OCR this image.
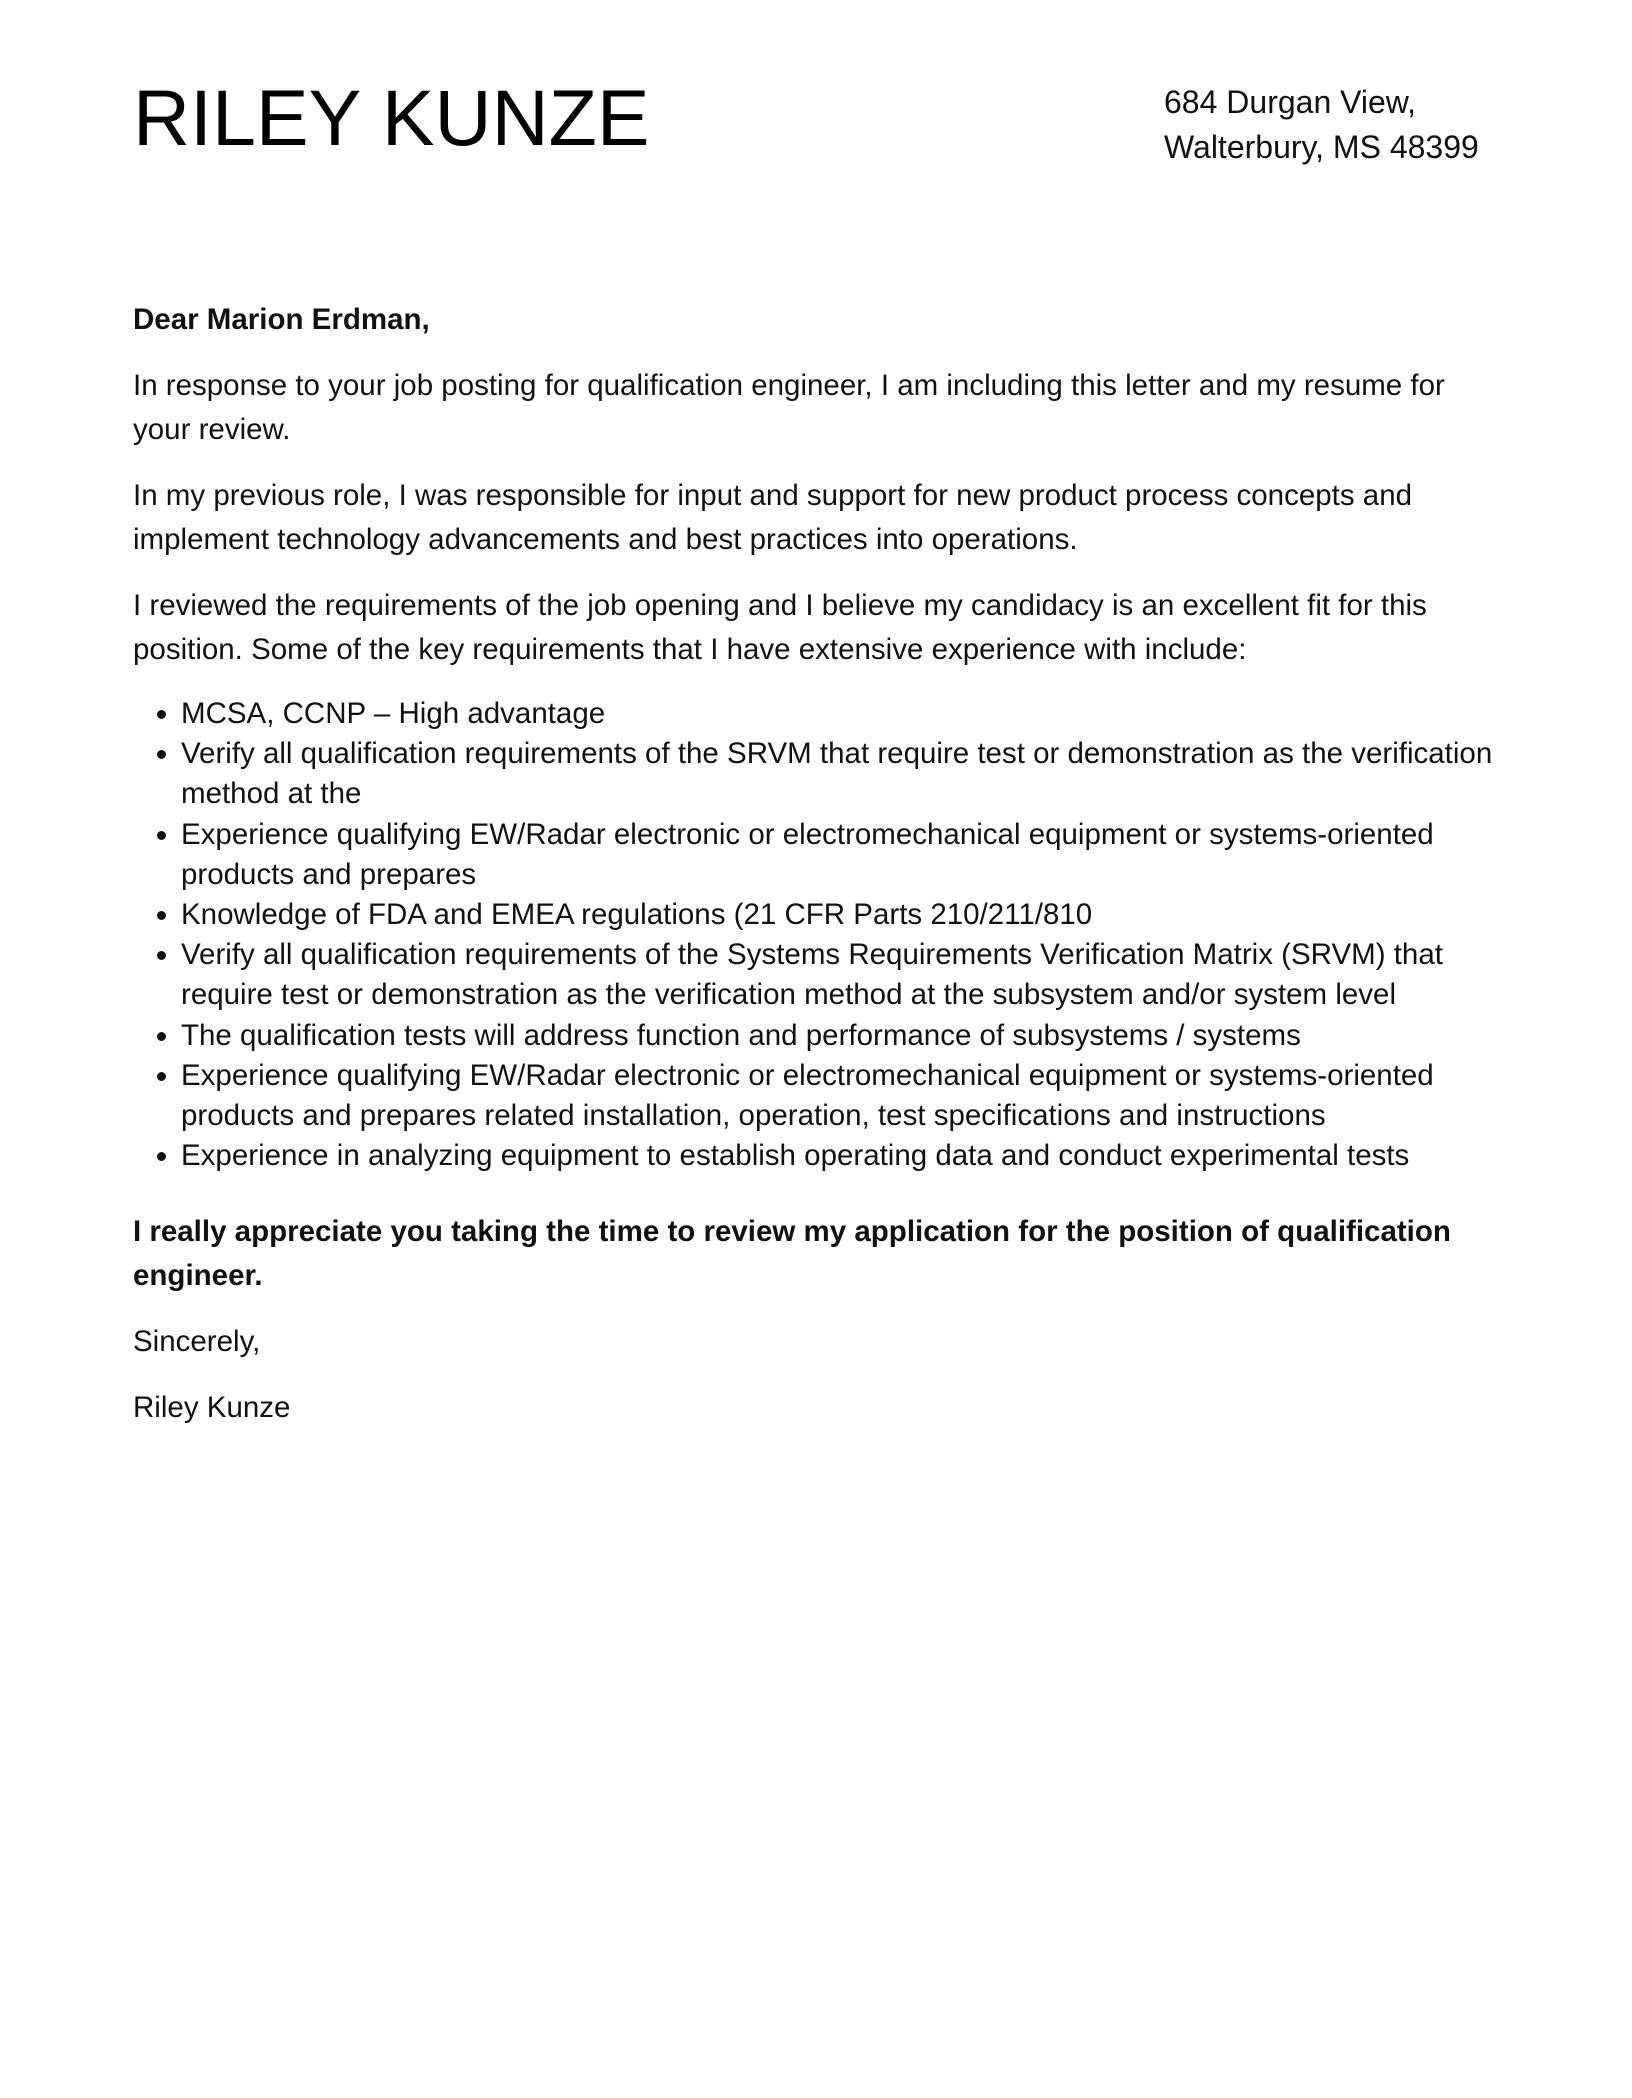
RILEY KUNZE	684 Durgan View,
Walterbury, MS 48399

Dear Marion Erdman,

In response to your job posting for qualification engineer, I am including this letter and my resume for your review.

In my previous role, I was responsible for input and support for new product process concepts and implement technology advancements and best practices into operations.

I reviewed the requirements of the job opening and I believe my candidacy is an excellent fit for this position. Some of the key requirements that I have extensive experience with include:

• MCSA, CCNP – High advantage
• Verify all qualification requirements of the SRVM that require test or demonstration as the verification method at the
• Experience qualifying EW/Radar electronic or electromechanical equipment or systems-oriented products and prepares
• Knowledge of FDA and EMEA regulations (21 CFR Parts 210/211/810
• Verify all qualification requirements of the Systems Requirements Verification Matrix (SRVM) that require test or demonstration as the verification method at the subsystem and/or system level
• The qualification tests will address function and performance of subsystems / systems
• Experience qualifying EW/Radar electronic or electromechanical equipment or systems-oriented products and prepares related installation, operation, test specifications and instructions
• Experience in analyzing equipment to establish operating data and conduct experimental tests

I really appreciate you taking the time to review my application for the position of qualification engineer.

Sincerely,

Riley Kunze
